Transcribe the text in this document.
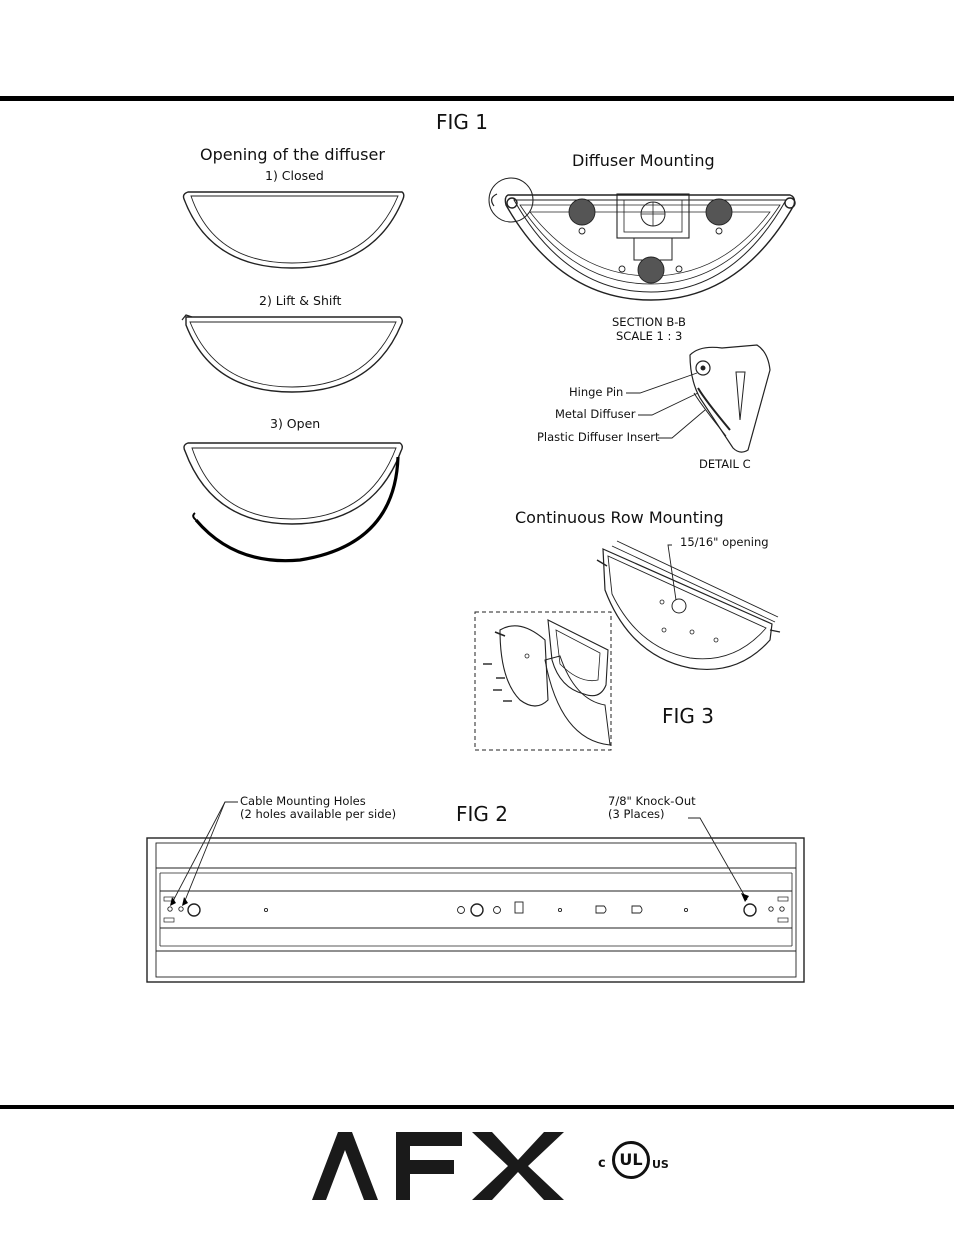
FIG 1
Opening of the diffuser
1) Closed
2) Lift & Shift
3) Open
Diffuser Mounting
SECTION B-B
SCALE 1 : 3
Hinge Pin
Metal Diffuser
Plastic Diffuser Insert
DETAIL C
Continuous Row Mounting
15/16" opening
FIG 3
Cable Mounting Holes
(2 holes available per side)	FIG 2
7/8" Knock-Out
(3 Places)
c UL US
